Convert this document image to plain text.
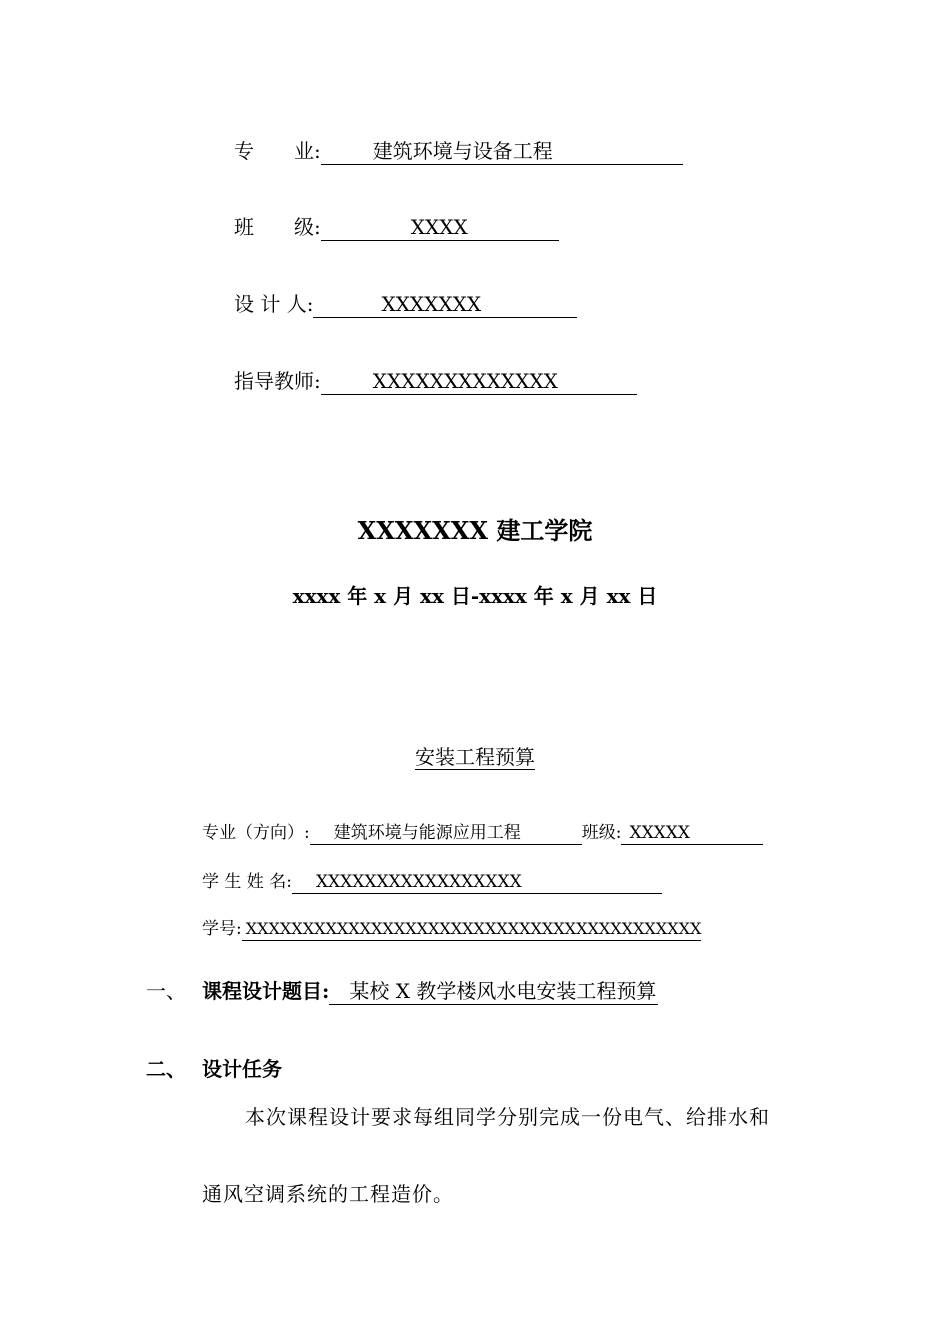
专　　业:	建筑环境与设备工程
班　　级:	XXXX
设 计 人:	XXXXXXX
指导教师:	XXXXXXXXXXXXX
XXXXXXX 建工学院
xxxx 年 x 月 xx 日-xxxx 年 x 月 xx 日
安装工程预算
专业（方向）: 建筑环境与能源应用工程	班级: XXXXX
学 生 姓 名: XXXXXXXXXXXXXXXXX
学号: XXXXXXXXXXXXXXXXXXXXXXXXXXXXXXXXXXXXXXXX
一、 课程设计题目: 某校 X 教学楼风水电安装工程预算
二、 设计任务
本次课程设计要求每组同学分别完成一份电气、给排水和
通风空调系统的工程造价。
